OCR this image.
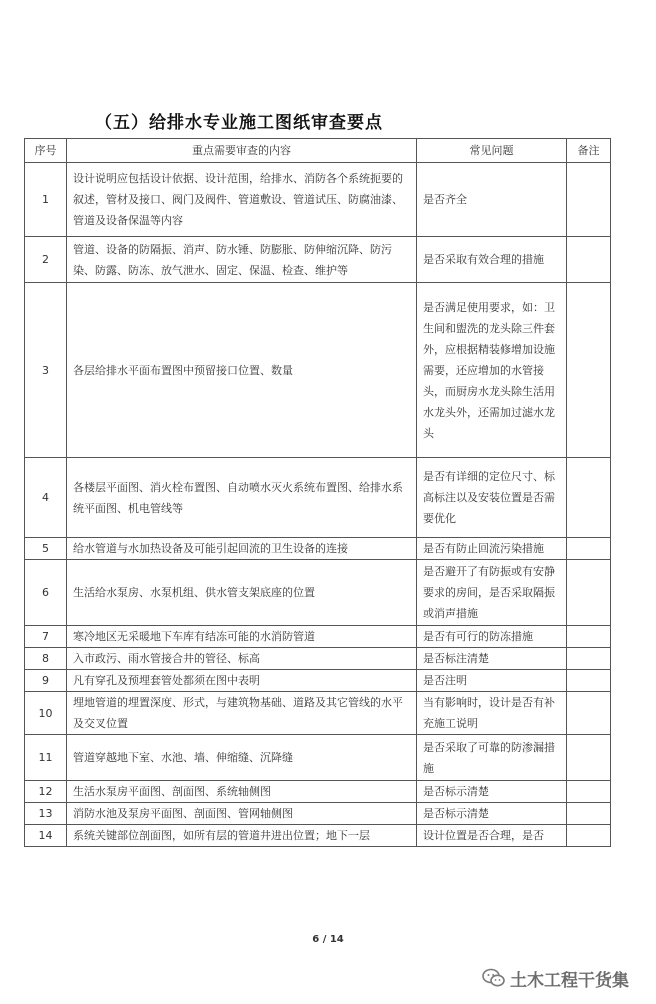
（五）给排水专业施工图纸审查要点
序号	重点需要审查的内容	常见问题	备注
1	设计说明应包括设计依据、设计范围，给排水、消防各个系统扼要的叙述，管材及接口、阀门及阀件、管道敷设、管道试压、防腐油漆、管道及设备保温等内容	是否齐全	
2	管道、设备的防隔振、消声、防水锤、防膨胀、防伸缩沉降、防污染、防露、防冻、放气泄水、固定、保温、检查、维护等	是否采取有效合理的措施	
3	各层给排水平面布置图中预留接口位置、数量	是否满足使用要求，如：卫生间和盥洗的龙头除三件套外，应根据精装修增加设施需要，还应增加的水管接头，而厨房水龙头除生活用水龙头外，还需加过滤水龙头	
4	各楼层平面图、消火栓布置图、自动喷水灭火系统布置图、给排水系统平面图、机电管线等	是否有详细的定位尺寸、标高标注以及安装位置是否需要优化	
5	给水管道与水加热设备及可能引起回流的卫生设备的连接	是否有防止回流污染措施	
6	生活给水泵房、水泵机组、供水管支架底座的位置	是否避开了有防振或有安静要求的房间，是否采取隔振或消声措施	
7	寒冷地区无采暖地下车库有结冻可能的水消防管道	是否有可行的防冻措施	
8	入市政污、雨水管接合井的管径、标高	是否标注清楚	
9	凡有穿孔及预埋套管处都须在图中表明	是否注明	
10	埋地管道的埋置深度、形式，与建筑物基础、道路及其它管线的水平及交叉位置	当有影响时，设计是否有补充施工说明	
11	管道穿越地下室、水池、墙、伸缩缝、沉降缝	是否采取了可靠的防渗漏措施	
12	生活水泵房平面图、剖面图、系统轴侧图	是否标示清楚	
13	消防水池及泵房平面图、剖面图、管网轴侧图	是否标示清楚	
14	系统关键部位剖面图，如所有层的管道井进出位置；地下一层	设计位置是否合理，是否	
6 / 14
土木工程干货集
